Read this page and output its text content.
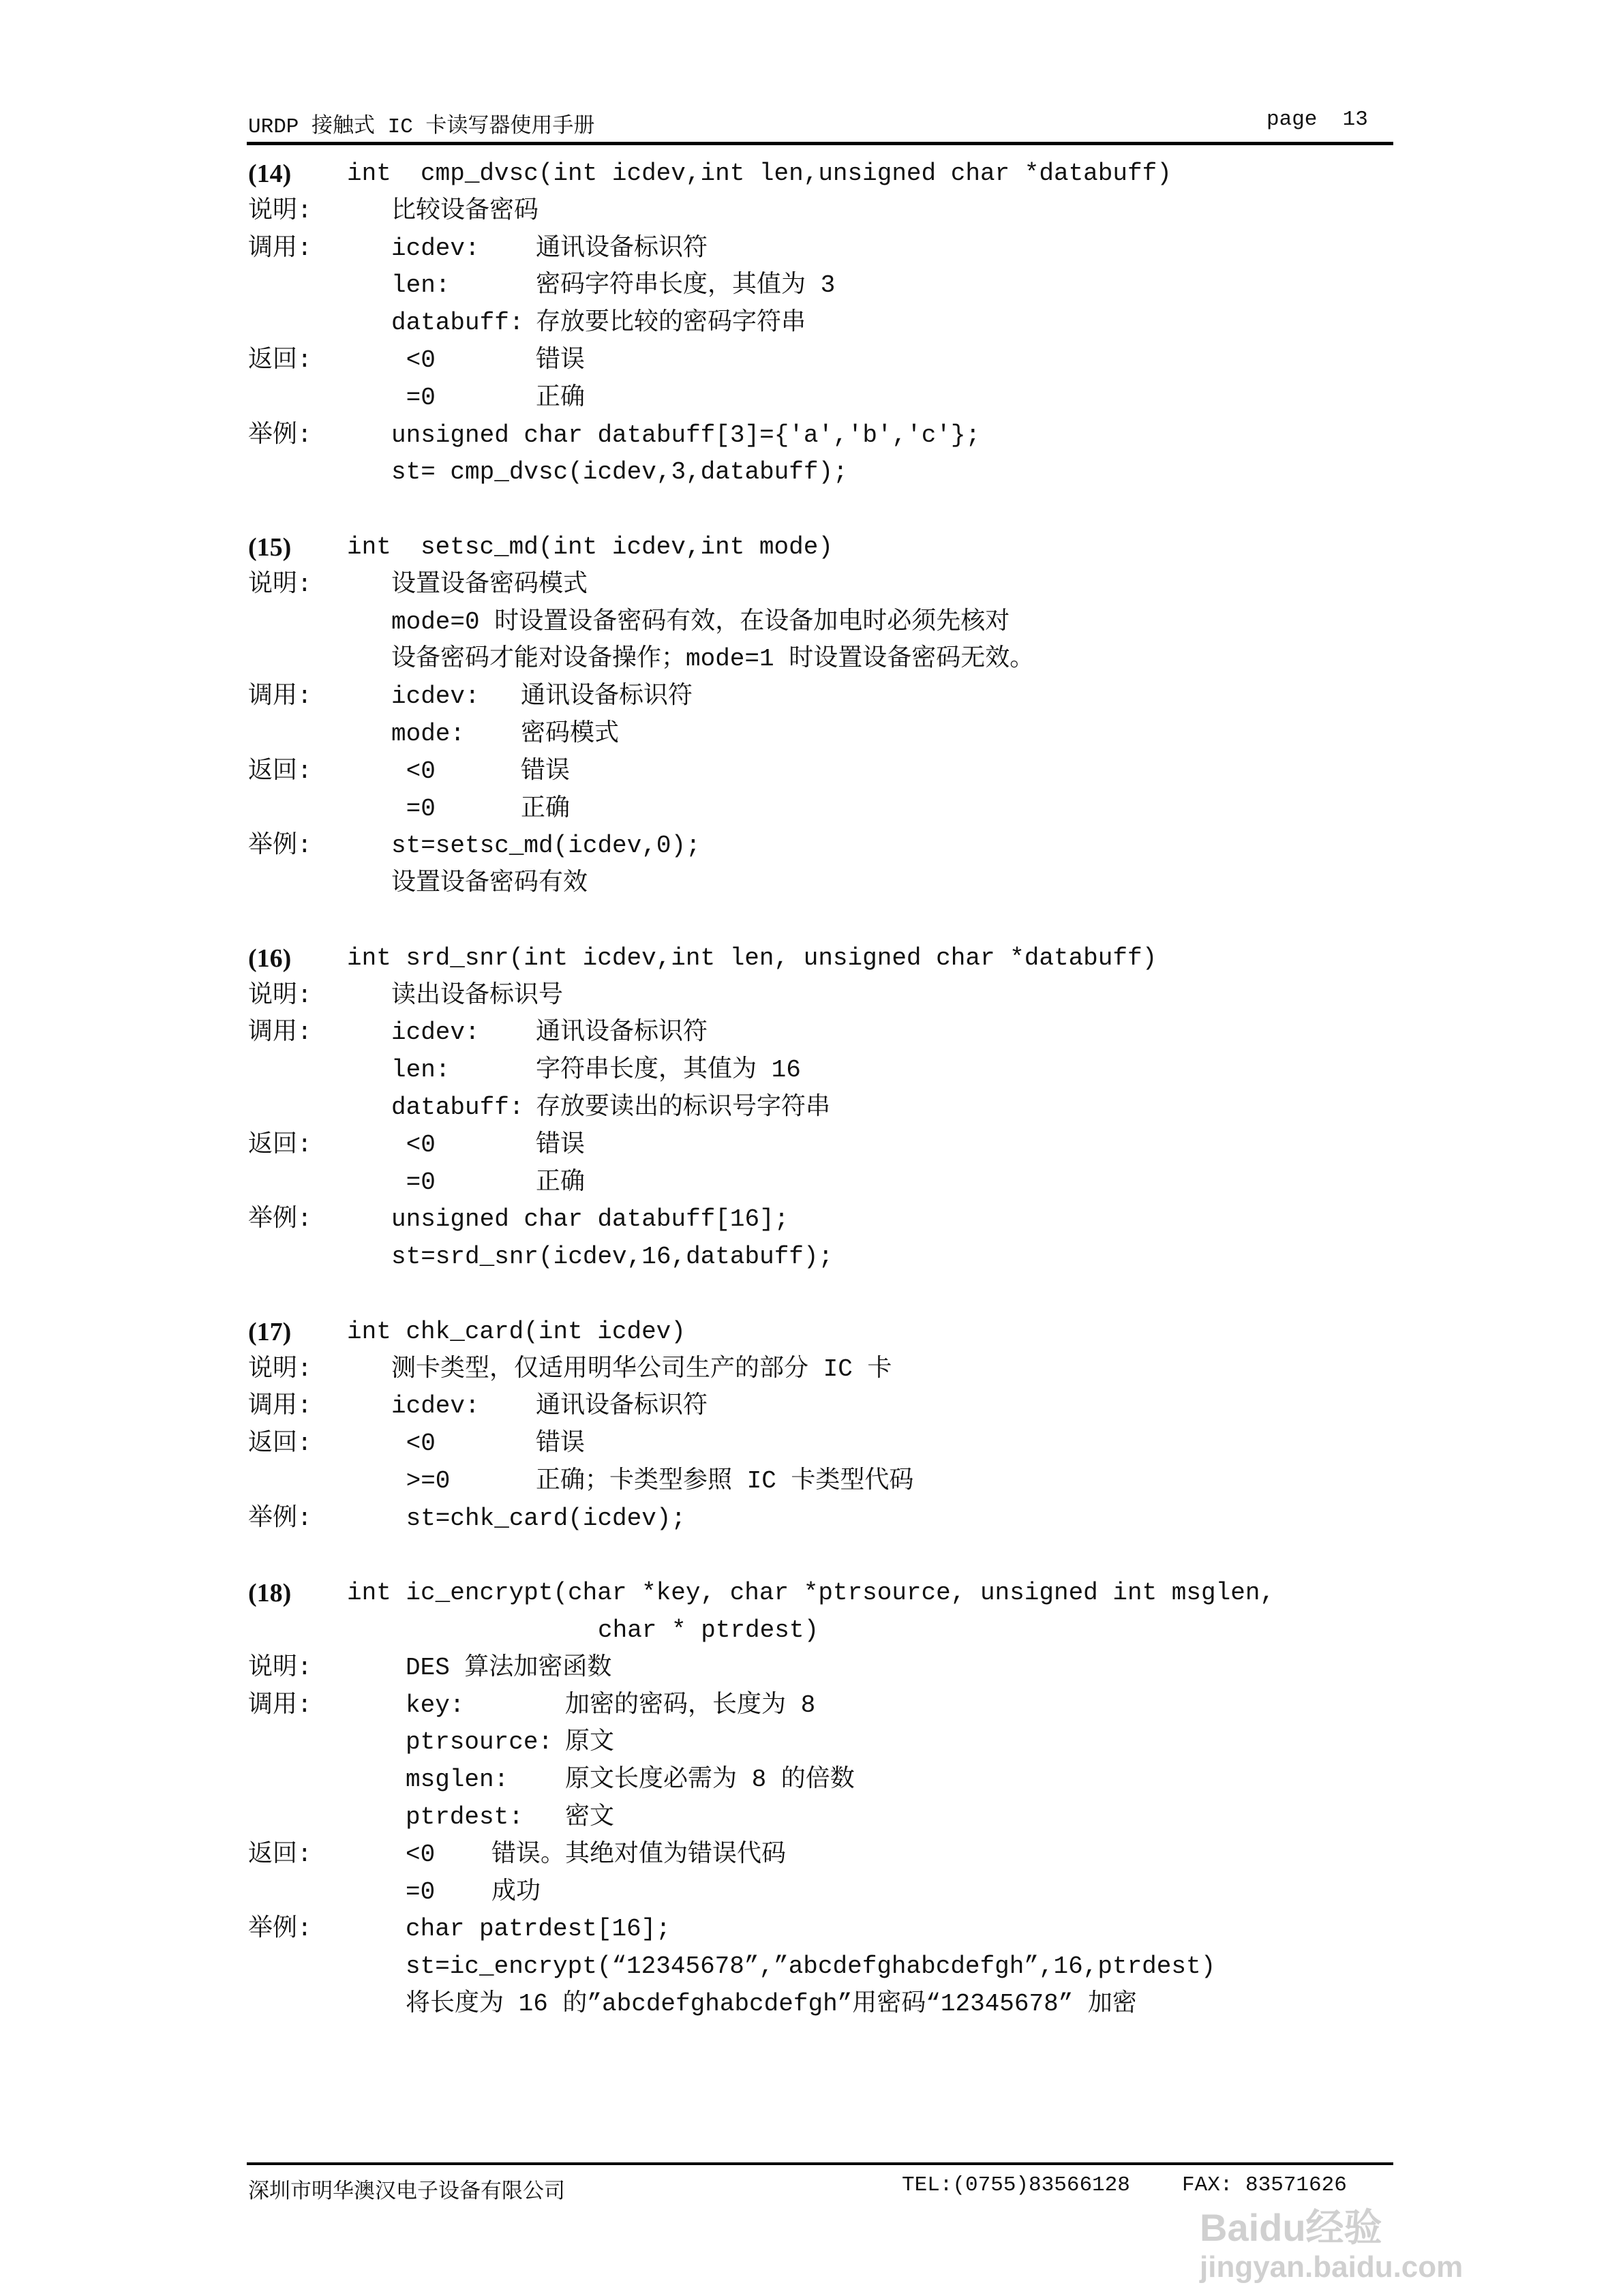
URDP 接触式 IC 卡读写器使用手册	page  13
(14) int  cmp_dvsc(int icdev,int len,unsigned char *databuff)
说明:	比较设备密码
调用:	icdev: 通讯设备标识符
len:	密码字符串长度，其值为 3
databuff: 存放要比较的密码字符串
返回:	<0	错误
=0	正确
举例:	unsigned char databuff[3]={'a','b','c'};
st= cmp_dvsc(icdev,3,databuff);
(15) int  setsc_md(int icdev,int mode)
说明:	设置设备密码模式
mode=0 时设置设备密码有效，在设备加电时必须先核对
设备密码才能对设备操作；mode=1 时设置设备密码无效。
调用:	icdev: 通讯设备标识符
mode: 密码模式
返回:	<0	错误
=0	正确
举例:	st=setsc_md(icdev,0);
设置设备密码有效
(16) int srd_snr(int icdev,int len, unsigned char *databuff)
说明:	读出设备标识号
调用:	icdev: 通讯设备标识符
len:	字符串长度，其值为 16
databuff: 存放要读出的标识号字符串
返回:	<0	错误
=0	正确
举例:	unsigned char databuff[16];
st=srd_snr(icdev,16,databuff);
(17) int chk_card(int icdev)
说明:	测卡类型，仅适用明华公司生产的部分 IC 卡
调用:	icdev: 通讯设备标识符
返回:	<0	错误
>=0	正确；卡类型参照 IC 卡类型代码
举例:	st=chk_card(icdev);
(18) int ic_encrypt(char *key, char *ptrsource, unsigned int msglen,
char * ptrdest)
说明:	DES 算法加密函数
调用:	key:	加密的密码，长度为 8
ptrsource: 原文
msglen: 原文长度必需为 8 的倍数
ptrdest: 密文
返回:	<0 错误。其绝对值为错误代码
=0 成功
举例:	char patrdest[16];
st=ic_encrypt(“12345678”,”abcdefghabcdefgh”,16,ptrdest)
将长度为 16 的”abcdefghabcdefgh”用密码“12345678” 加密
深圳市明华澳汉电子设备有限公司	TEL:(0755)83566128 FAX: 83571626
Baidu经验
jingyan.baidu.com
